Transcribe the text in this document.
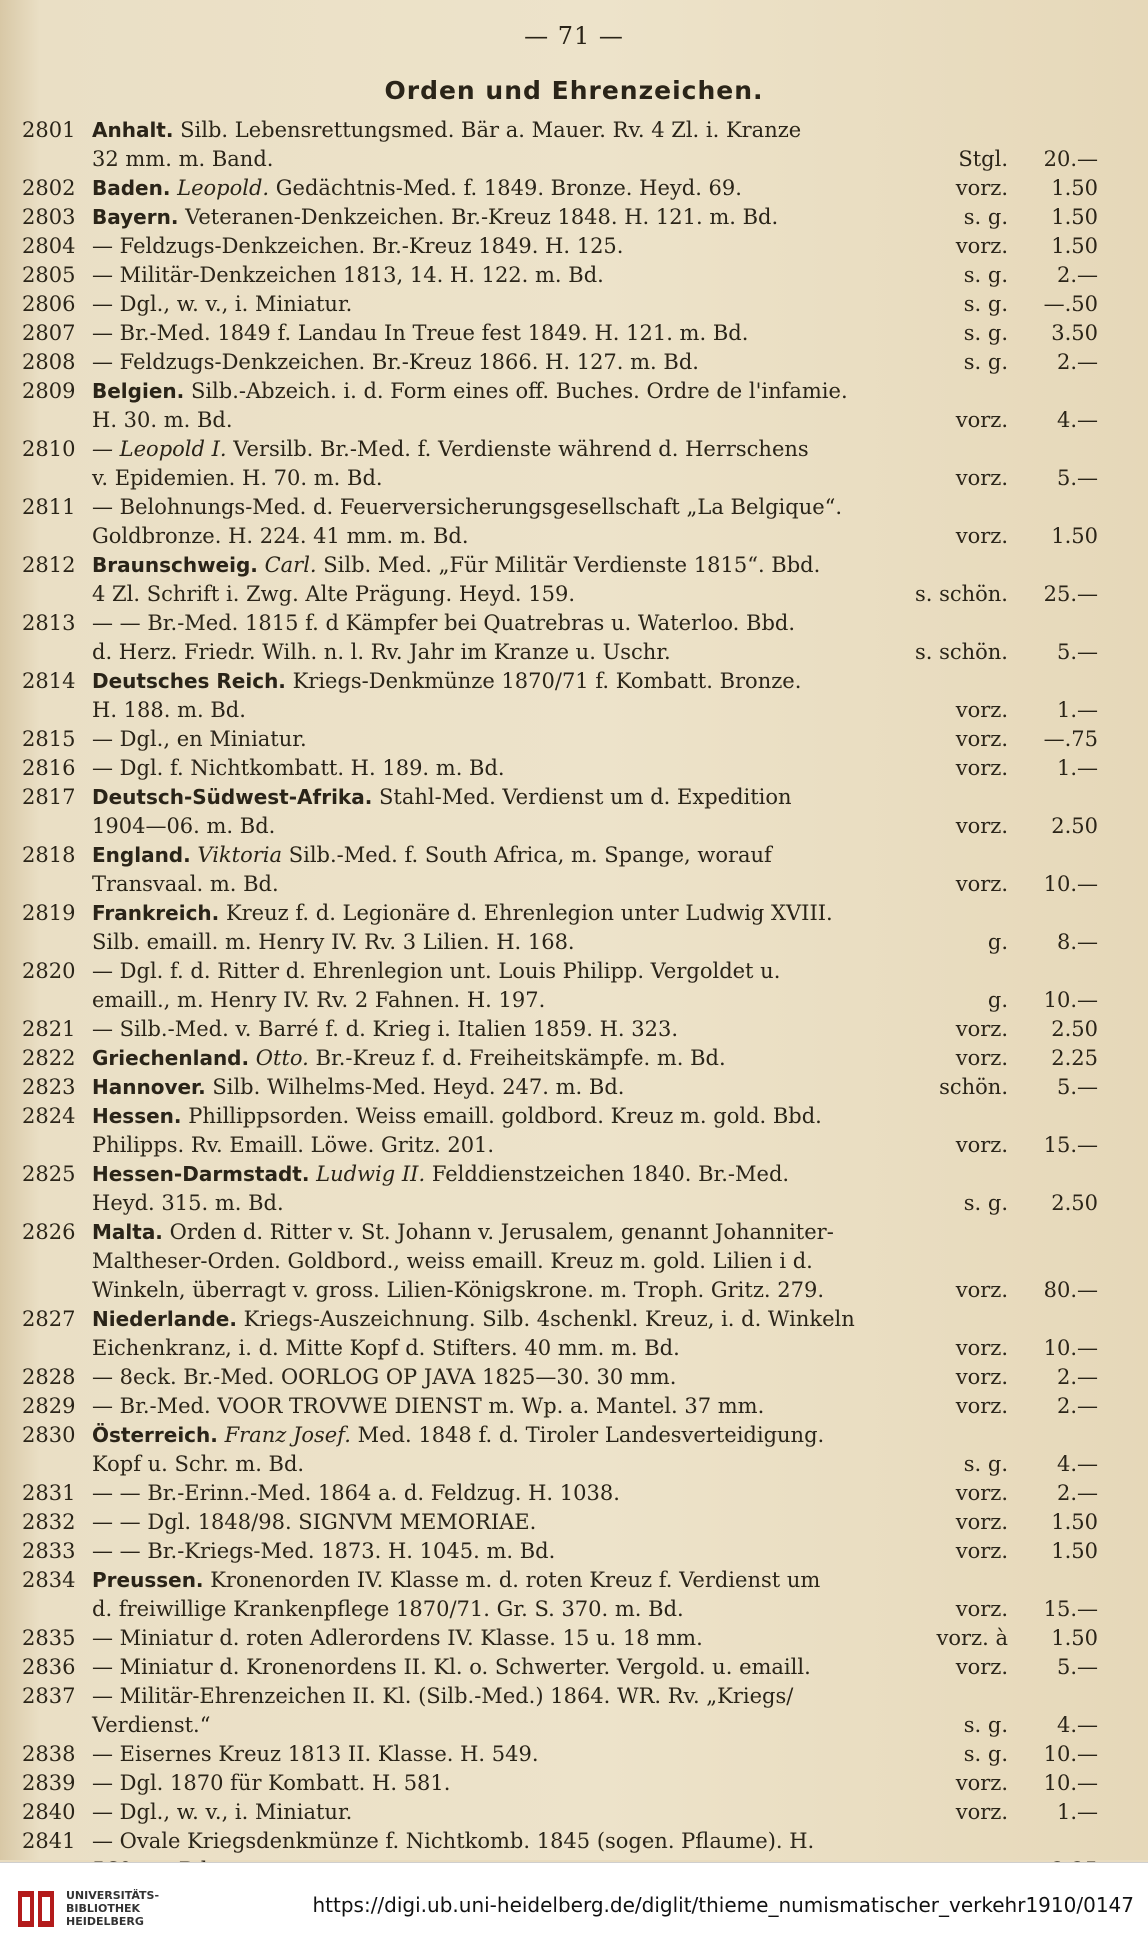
— 71 —
Orden und Ehrenzeichen.
2801 Anhalt. Silb. Lebensrettungsmed. Bär a. Mauer. Rv. 4 Zl. i. Kranze
32 mm. m. Band.	Stgl.	20.—
2802 Baden. Leopold. Gedächtnis-Med. f. 1849. Bronze. Heyd. 69.	vorz.	1.50
2803 Bayern. Veteranen-Denkzeichen. Br.-Kreuz 1848. H. 121. m. Bd.	s. g.	1.50
2804 — Feldzugs-Denkzeichen. Br.-Kreuz 1849. H. 125.	vorz.	1.50
2805 — Militär-Denkzeichen 1813, 14. H. 122. m. Bd.	s. g.	2.—
2806 — Dgl., w. v., i. Miniatur.	s. g.	—.50
2807 — Br.-Med. 1849 f. Landau In Treue fest 1849. H. 121. m. Bd.	s. g.	3.50
2808 — Feldzugs-Denkzeichen. Br.-Kreuz 1866. H. 127. m. Bd.	s. g.	2.—
2809 Belgien. Silb.-Abzeich. i. d. Form eines off. Buches. Ordre de l'infamie.
H. 30. m. Bd.	vorz.	4.—
2810 — Leopold I. Versilb. Br.-Med. f. Verdienste während d. Herrschens
v. Epidemien. H. 70. m. Bd.	vorz.	5.—
2811 — Belohnungs-Med. d. Feuerversicherungsgesellschaft „La Belgique“.
Goldbronze. H. 224. 41 mm. m. Bd.	vorz.	1.50
2812 Braunschweig. Carl. Silb. Med. „Für Militär Verdienste 1815“. Bbd.
4 Zl. Schrift i. Zwg. Alte Prägung. Heyd. 159.	s. schön.	25.—
2813 — — Br.-Med. 1815 f. d Kämpfer bei Quatrebras u. Waterloo. Bbd.
d. Herz. Friedr. Wilh. n. l. Rv. Jahr im Kranze u. Uschr.	s. schön.	5.—
2814 Deutsches Reich. Kriegs-Denkmünze 1870/71 f. Kombatt. Bronze.
H. 188. m. Bd.	vorz.	1.—
2815 — Dgl., en Miniatur.	vorz.	—.75
2816 — Dgl. f. Nichtkombatt. H. 189. m. Bd.	vorz.	1.—
2817 Deutsch-Südwest-Afrika. Stahl-Med. Verdienst um d. Expedition
1904—06. m. Bd.	vorz.	2.50
2818 England. Viktoria Silb.-Med. f. South Africa, m. Spange, worauf
Transvaal. m. Bd.	vorz.	10.—
2819 Frankreich. Kreuz f. d. Legionäre d. Ehrenlegion unter Ludwig XVIII.
Silb. emaill. m. Henry IV. Rv. 3 Lilien. H. 168.	g.	8.—
2820 — Dgl. f. d. Ritter d. Ehrenlegion unt. Louis Philipp. Vergoldet u.
emaill., m. Henry IV. Rv. 2 Fahnen. H. 197.	g.	10.—
2821 — Silb.-Med. v. Barré f. d. Krieg i. Italien 1859. H. 323.	vorz.	2.50
2822 Griechenland. Otto. Br.-Kreuz f. d. Freiheitskämpfe. m. Bd.	vorz.	2.25
2823 Hannover. Silb. Wilhelms-Med. Heyd. 247. m. Bd.	schön.	5.—
2824 Hessen. Phillippsorden. Weiss emaill. goldbord. Kreuz m. gold. Bbd.
Philipps. Rv. Emaill. Löwe. Gritz. 201.	vorz.	15.—
2825 Hessen-Darmstadt. Ludwig II. Felddienstzeichen 1840. Br.-Med.
Heyd. 315. m. Bd.	s. g.	2.50
2826 Malta. Orden d. Ritter v. St. Johann v. Jerusalem, genannt Johanniter-
Maltheser-Orden. Goldbord., weiss emaill. Kreuz m. gold. Lilien i d.
Winkeln, überragt v. gross. Lilien-Königskrone. m. Troph. Gritz. 279.	vorz.	80.—
2827 Niederlande. Kriegs-Auszeichnung. Silb. 4schenkl. Kreuz, i. d. Winkeln
Eichenkranz, i. d. Mitte Kopf d. Stifters. 40 mm. m. Bd.	vorz.	10.—
2828 — 8eck. Br.-Med. OORLOG OP JAVA 1825—30. 30 mm.	vorz.	2.—
2829 — Br.-Med. VOOR TROVWE DIENST m. Wp. a. Mantel. 37 mm.	vorz.	2.—
2830 Österreich. Franz Josef. Med. 1848 f. d. Tiroler Landesverteidigung.
Kopf u. Schr. m. Bd.	s. g.	4.—
2831 — — Br.-Erinn.-Med. 1864 a. d. Feldzug. H. 1038.	vorz.	2.—
2832 — — Dgl. 1848/98. SIGNVM MEMORIAE.	vorz.	1.50
2833 — — Br.-Kriegs-Med. 1873. H. 1045. m. Bd.	vorz.	1.50
2834 Preussen. Kronenorden IV. Klasse m. d. roten Kreuz f. Verdienst um
d. freiwillige Krankenpflege 1870/71. Gr. S. 370. m. Bd.	vorz.	15.—
2835 — Miniatur d. roten Adlerordens IV. Klasse. 15 u. 18 mm.	vorz. à	1.50
2836 — Miniatur d. Kronenordens II. Kl. o. Schwerter. Vergold. u. emaill.	vorz.	5.—
2837 — Militär-Ehrenzeichen II. Kl. (Silb.-Med.) 1864. WR. Rv. „Kriegs/
Verdienst.“	s. g.	4.—
2838 — Eisernes Kreuz 1813 II. Klasse. H. 549.	s. g.	10.—
2839 — Dgl. 1870 für Kombatt. H. 581.	vorz.	10.—
2840 — Dgl., w. v., i. Miniatur.	vorz.	1.—
2841 — Ovale Kriegsdenkmünze f. Nichtkomb. 1845 (sogen. Pflaume). H.
UNIVERSITÄTS-
BIBLIOTHEK
HEIDELBERG
https://digi.ub.uni-heidelberg.de/diglit/thieme_numismatischer_verkehr1910/0147
